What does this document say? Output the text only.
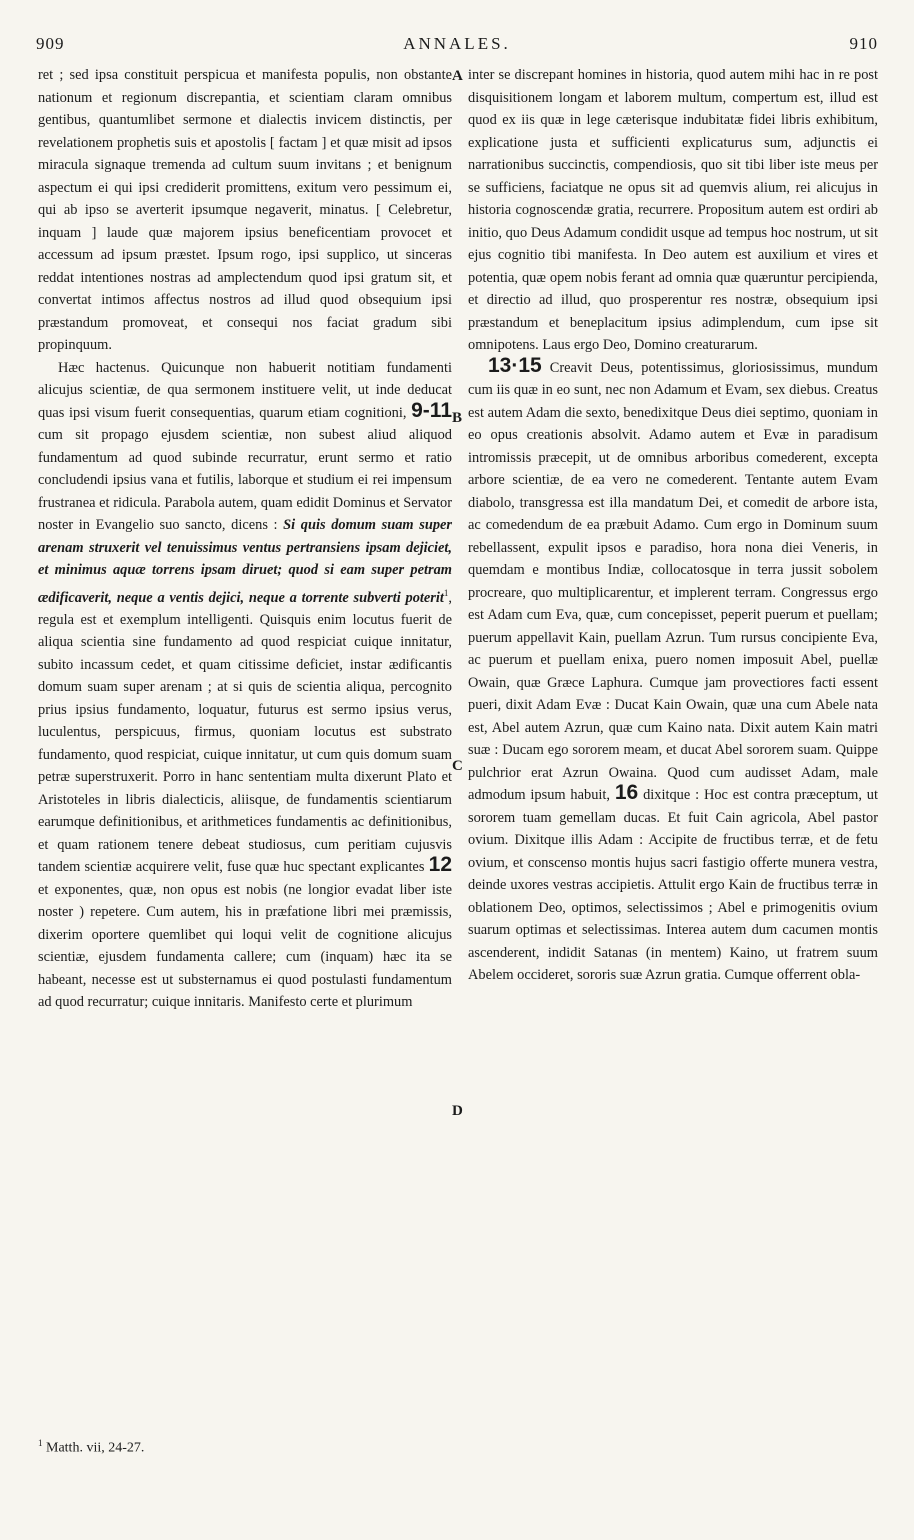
909	ANNALES.	910

ret ; sed ipsa constituit perspicua et manifesta populis, non obstante nationum et regionum discrepantia, et scientiam claram omnibus gentibus, quantumlibet sermone et dialectis invicem distinctis, per revelationem prophetis suis et apostolis [ factam ] et quæ misit ad ipsos miracula signaque tremenda ad cultum suum invitans ; et benignum aspectum ei qui ipsi crediderit promittens, exitum vero pessimum ei, qui ab ipso se averterit ipsumque negaverit, minatus. [ Celebretur, inquam ] laude quæ majorem ipsius beneficentiam provocet et accessum ad ipsum præstet. Ipsum rogo, ipsi supplico, ut sinceras reddat intentiones nostras ad amplectendum quod ipsi gratum sit, et convertat intimos affectus nostros ad illud quod obsequium ipsi præstandum promoveat, et consequi nos faciat gradum sibi propinquum.

Hæc hactenus. Quicunque non habuerit notitiam fundamenti alicujus scientiæ, de qua sermonem instituere velit, ut inde deducat quas ipsi visum fuerit consequentias, quarum etiam cognitioni, 9-11 cum sit propago ejusdem scientiæ, non subest aliud aliquod fundamentum ad quod subinde recurratur, erunt sermo et ratio concludendi ipsius vana et futilis, laborque et studium ei rei impensum frustranea et ridicula. Parabola autem, quam edidit Dominus et Servator noster in Evangelio suo sancto, dicens : Si quis domum suam super arenam struxerit vel tenuissimus ventus pertransiens ipsam dejiciet, et minimus aquæ torrens ipsam diruet; quod si eam super petram ædificaverit, neque a ventis dejici, neque a torrente subverti poterit$^1$, regula est et exemplum intelligenti. Quisquis enim locutus fuerit de aliqua scientia sine fundamento ad quod respiciat cuique innitatur, subito incassum cedet, et quam citissime deficiet, instar ædificantis domum suam super arenam ; at si quis de scientia aliqua, percognito prius ipsius fundamento, loquatur, futurus est sermo ipsius verus, luculentus, perspicuus, firmus, quoniam locutus est substrato fundamento, quod respiciat, cuique innitatur, ut cum quis domum suam petræ superstruxerit. Porro in hanc sententiam multa dixerunt Plato et Aristoteles in libris dialecticis, aliisque, de fundamentis scientiarum earumque definitionibus, et arithmetices fundamentis ac definitionibus, et quam rationem tenere debeat studiosus, cum peritiam cujusvis tandem scientiæ acquirere velit, fuse quæ huc spectant explicantes 12 et exponentes, quæ, non opus est nobis (ne longior evadat liber iste noster ) repetere. Cum autem, his in præfatione libri mei præmissis, dixerim oportere quemlibet qui loqui velit de cognitione alicujus scientiæ, ejusdem fundamenta callere; cum (inquam) hæc ita se habeant, necesse est ut substernamus ei quod postulasti fundamentum ad quod recurratur; cuique innitaris. Manifesto certe et plurimum

inter se discrepant homines in historia, quod autem mihi hac in re post disquisitionem longam et laborem multum, compertum est, illud est quod ex iis quæ in lege cæterisque indubitatæ fidei libris exhibitum, explicatione justa et sufficienti explicaturus sum, adjunctis ei narrationibus succinctis, compendiosis, quo sit tibi liber iste meus per se sufficiens, faciatque ne opus sit ad quemvis alium, rei alicujus in historia cognoscendæ gratia, recurrere. Propositum autem est ordiri ab initio, quo Deus Adamum condidit usque ad tempus hoc nostrum, ut sit ejus cognitio tibi manifesta. In Deo autem est auxilium et vires et potentia, quæ opem nobis ferant ad omnia quæ quæruntur percipienda, et directio ad illud, quo prosperentur res nostræ, obsequium ipsi præstandum et beneplacitum ipsius adimplendum, cum ipse sit omnipotens. Laus ergo Deo, Domino creaturarum.

13·15 Creavit Deus, potentissimus, gloriosissimus, mundum cum iis quæ in eo sunt, nec non Adamum et Evam, sex diebus. Creatus est autem Adam die sexto, benedixitque Deus diei septimo, quoniam in eo opus creationis absolvit. Adamo autem et Evæ in paradisum intromissis præcepit, ut de omnibus arboribus comederent, excepta arbore scientiæ, de ea vero ne comederent. Tentante autem Evam diabolo, transgressa est illa mandatum Dei, et comedit de arbore ista, ac comedendum de ea præbuit Adamo. Cum ergo in Dominum suum rebellassent, expulit ipsos e paradiso, hora nona diei Veneris, in quemdam e montibus Indiæ, collocatosque in terra jussit sobolem procreare, quo multiplicarentur, et implerent terram. Congressus ergo est Adam cum Eva, quæ, cum concepisset, peperit puerum et puellam; puerum appellavit Kain, puellam Azrun. Tum rursus concipiente Eva, ac puerum et puellam enixa, puero nomen imposuit Abel, puellæ Owain, quæ Græce Laphura. Cumque jam provectiores facti essent pueri, dixit Adam Evæ : Ducat Kain Owain, quæ una cum Abele nata est, Abel autem Azrun, quæ cum Kaino nata. Dixit autem Kain matri suæ : Ducam ego sororem meam, et ducat Abel sororem suam. Quippe pulchrior erat Azrun Owaina. Quod cum audisset Adam, male admodum ipsum habuit, 16 dixitque : Hoc est contra præceptum, ut sororem tuam gemellam ducas. Et fuit Cain agricola, Abel pastor ovium. Dixitque illis Adam : Accipite de fructibus terræ, et de fetu ovium, et conscenso montis hujus sacri fastigio offerte munera vestra, deinde uxores vestras accipietis. Attulit ergo Kain de fructibus terræ in oblationem Deo, optimos, selectissimos ; Abel e primogenitis ovium suarum optimas et selectissimas. Interea autem dum cacumen montis ascenderent, indidit Satanas (in mentem) Kaino, ut fratrem suum Abelem occideret, sororis suæ Azrun gratia. Cumque offerrent obla-

A
B
C
D
$^1$ Matth. vii, 24-27.
